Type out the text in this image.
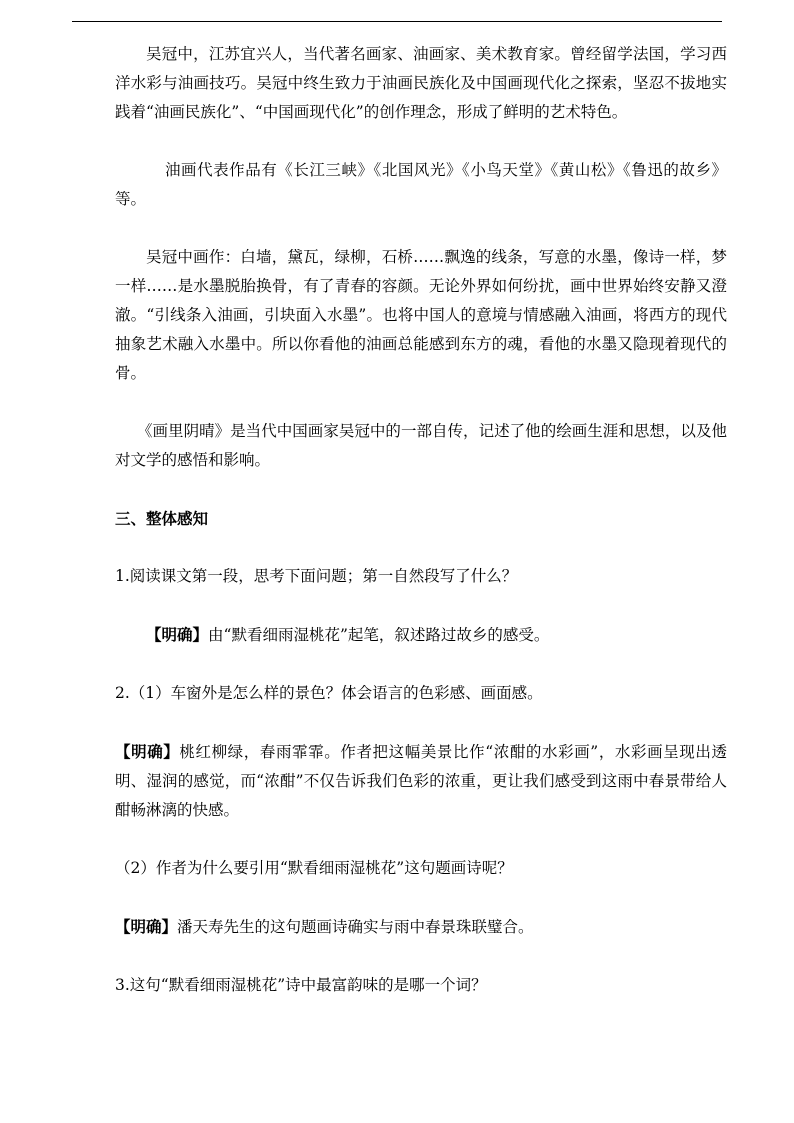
吴冠中，江苏宜兴人，当代著名画家、油画家、美术教育家。曾经留学法国，学习西洋水彩与油画技巧。吴冠中终生致力于油画民族化及中国画现代化之探索，坚忍不拔地实践着“油画民族化”、“中国画现代化”的创作理念，形成了鲜明的艺术特色。

油画代表作品有《长江三峡》《北国风光》《小鸟天堂》《黄山松》《鲁迅的故乡》等。

吴冠中画作：白墙，黛瓦，绿柳，石桥……飘逸的线条，写意的水墨，像诗一样，梦一样……是水墨脱胎换骨，有了青春的容颜。无论外界如何纷扰，画中世界始终安静又澄澈。“引线条入油画，引块面入水墨”。也将中国人的意境与情感融入油画，将西方的现代抽象艺术融入水墨中。所以你看他的油画总能感到东方的魂，看他的水墨又隐现着现代的骨。

《画里阴晴》是当代中国画家吴冠中的一部自传，记述了他的绘画生涯和思想，以及他对文学的感悟和影响。

三、整体感知

1.阅读课文第一段，思考下面问题；第一自然段写了什么？

【明确】由“默看细雨湿桃花”起笔，叙述路过故乡的感受。

2.（1）车窗外是怎么样的景色？体会语言的色彩感、画面感。

【明确】桃红柳绿，春雨霏霏。作者把这幅美景比作“浓酣的水彩画”，水彩画呈现出透明、湿润的感觉，而“浓酣”不仅告诉我们色彩的浓重，更让我们感受到这雨中春景带给人酣畅淋漓的快感。

（2）作者为什么要引用“默看细雨湿桃花”这句题画诗呢？

【明确】潘天寿先生的这句题画诗确实与雨中春景珠联璧合。

3.这句“默看细雨湿桃花”诗中最富韵味的是哪一个词？
